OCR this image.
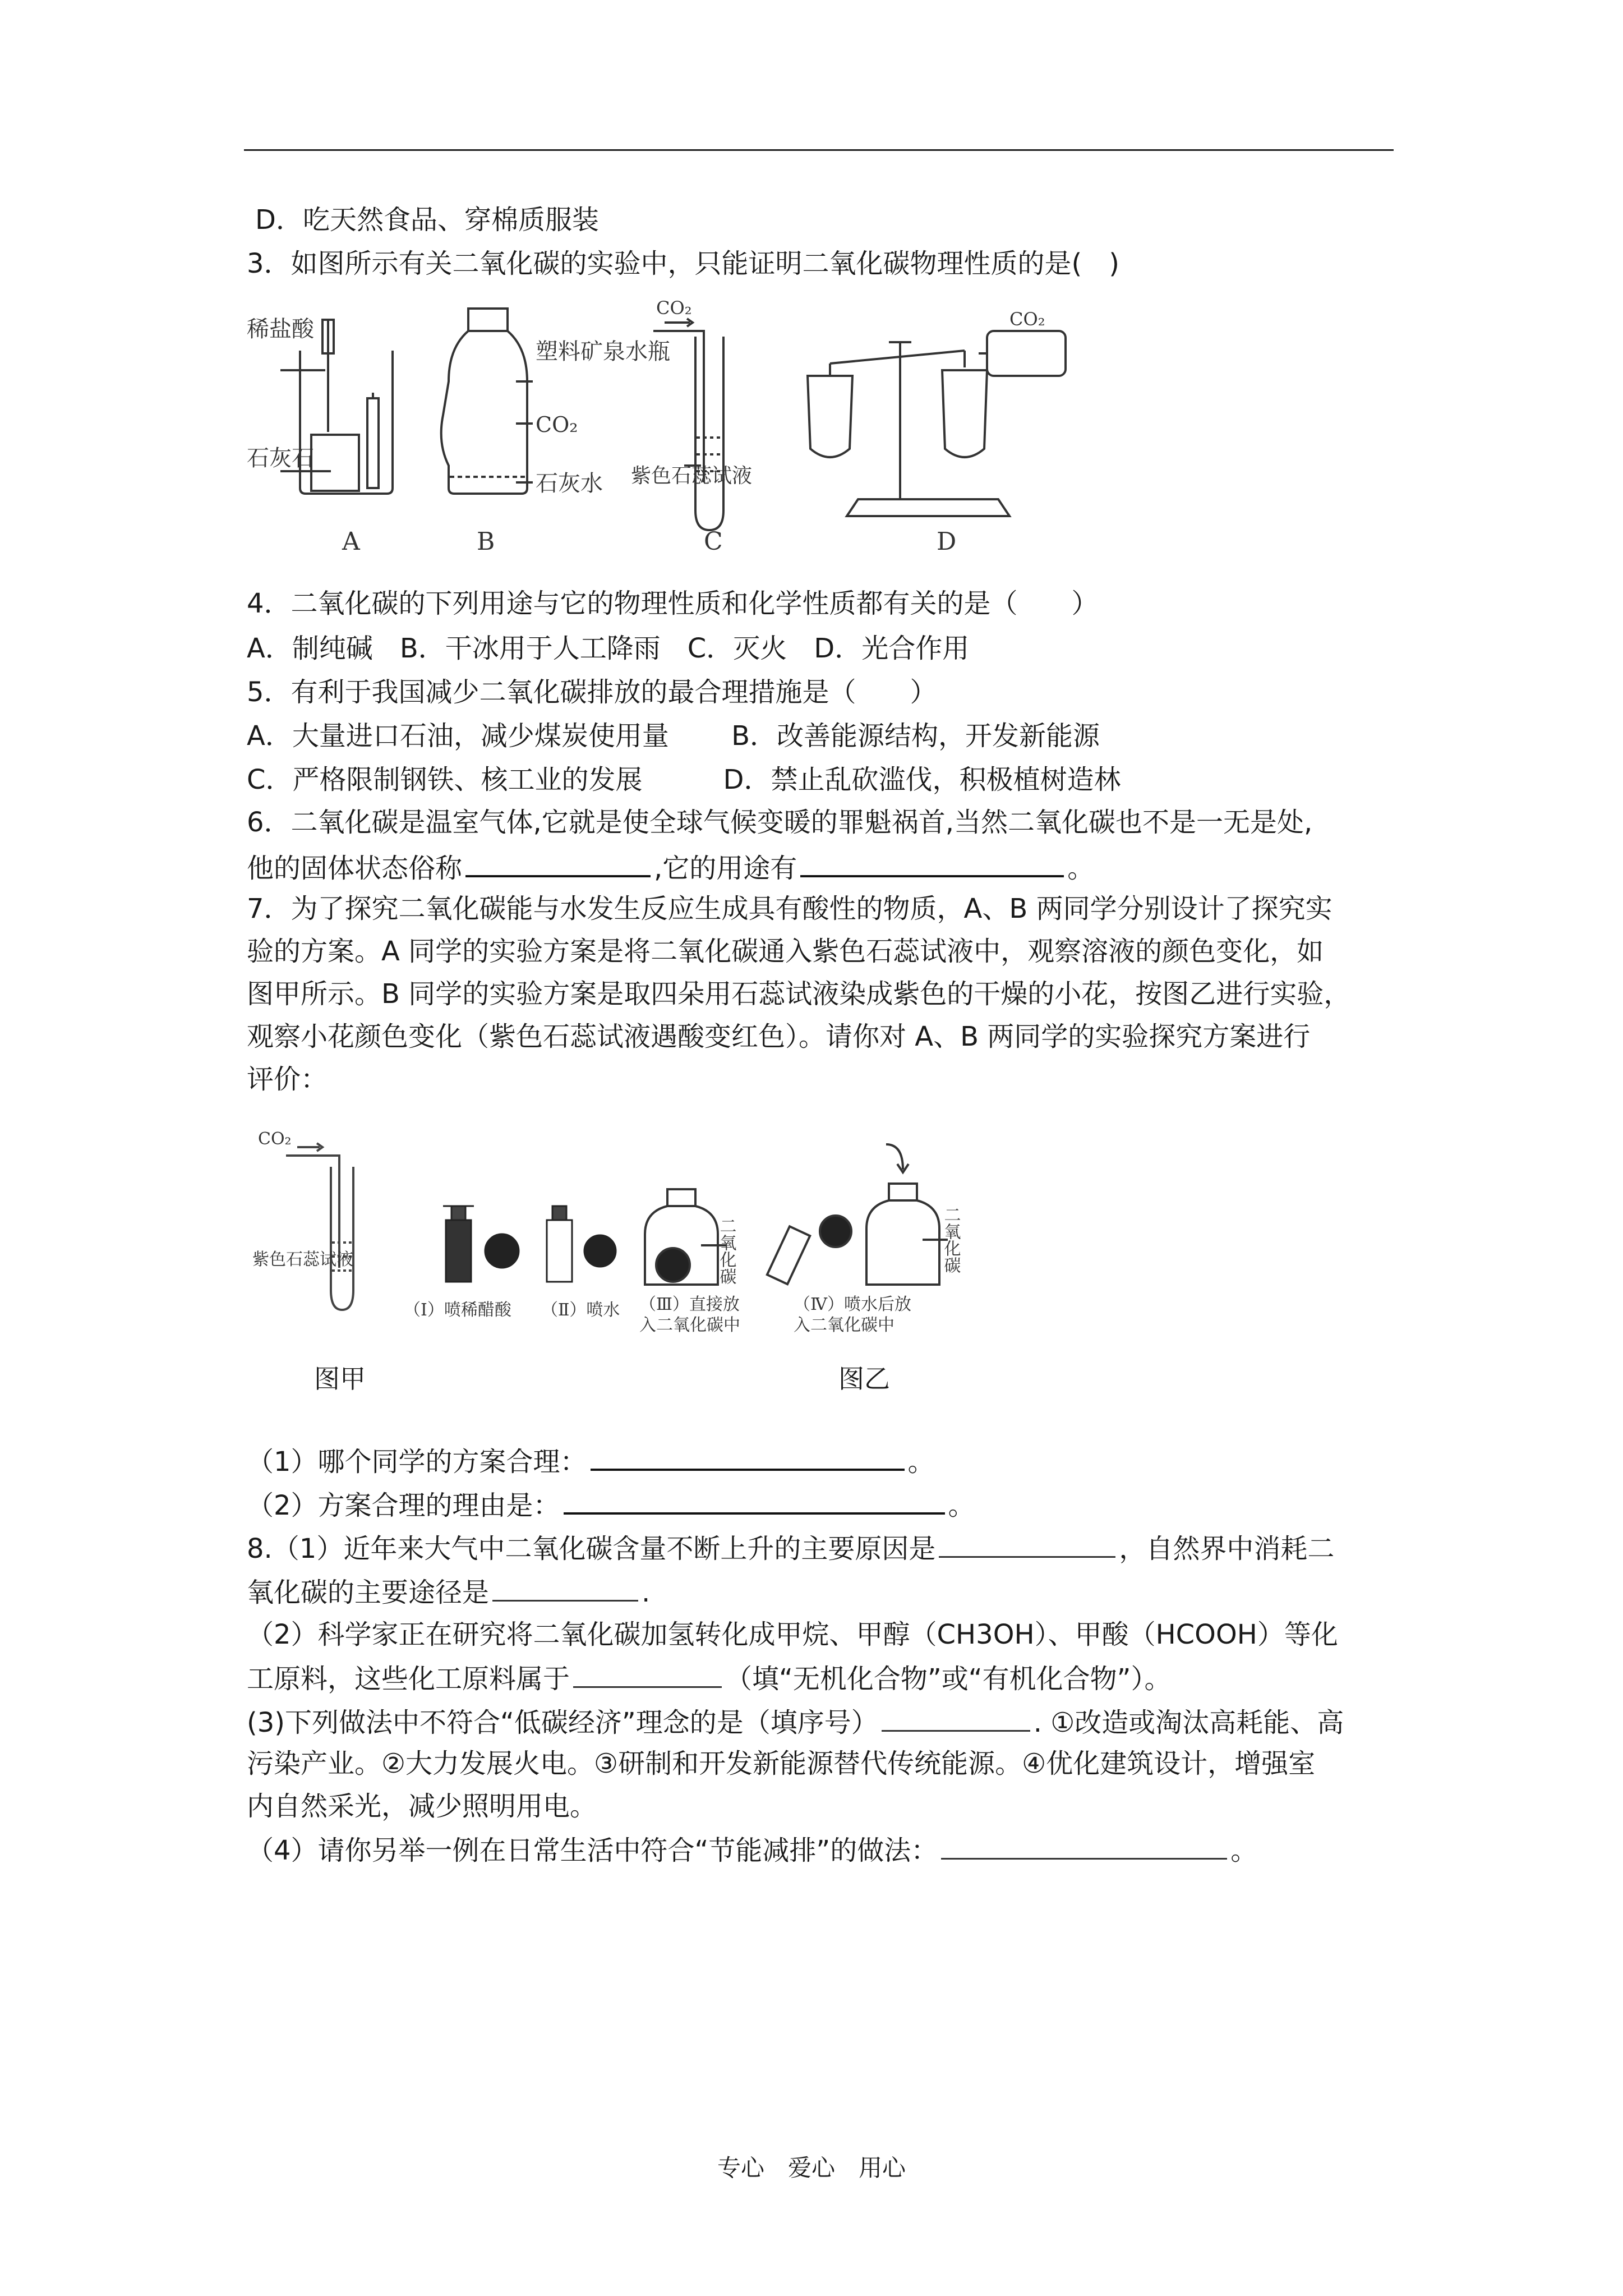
D．吃天然食品、穿棉质服装
3．如图所示有关二氧化碳的实验中，只能证明二氧化碳物理性质的是(　)
稀盐酸
石灰石
A
塑料矿泉水瓶
CO₂
石灰水
B
CO₂
紫色石蕊试液
C
CO₂
D
4．二氧化碳的下列用途与它的物理性质和化学性质都有关的是（　　）
A．制纯碱　B．干冰用于人工降雨　C．灭火　D．光合作用
5．有利于我国减少二氧化碳排放的最合理措施是（　　）
A．大量进口石油，减少煤炭使用量　　 B．改善能源结构，开发新能源
C．严格限制钢铁、核工业的发展　　　D．禁止乱砍滥伐，积极植树造林
6．二氧化碳是温室气体,它就是使全球气候变暖的罪魁祸首,当然二氧化碳也不是一无是处,
他的固体状态俗称	,它的用途有	。
7．为了探究二氧化碳能与水发生反应生成具有酸性的物质，A、B 两同学分别设计了探究实
验的方案。A 同学的实验方案是将二氧化碳通入紫色石蕊试液中，观察溶液的颜色变化，如
图甲所示。B 同学的实验方案是取四朵用石蕊试液染成紫色的干燥的小花，按图乙进行实验，
观察小花颜色变化（紫色石蕊试液遇酸变红色）。请你对 A、B 两同学的实验探究方案进行
评价：
CO₂
紫色石蕊试液
（Ⅰ）喷稀醋酸 （Ⅱ）喷水
二氧化碳
（Ⅲ）直接放
入二氧化碳中
二氧化碳
（Ⅳ）喷水后放
入二氧化碳中
图甲	图乙
（1）哪个同学的方案合理：	。
（2）方案合理的理由是：	。
8.（1）近年来大气中二氧化碳含量不断上升的主要原因是	，自然界中消耗二
氧化碳的主要途径是	.
（2）科学家正在研究将二氧化碳加氢转化成甲烷、甲醇（CH3OH）、甲酸（HCOOH）等化
工原料，这些化工原料属于	（填“无机化合物”或“有机化合物”）。
(3)下列做法中不符合“低碳经济”理念的是（填序号）	. ①改造或淘汰高耗能、高
污染产业。②大力发展火电。③研制和开发新能源替代传统能源。④优化建筑设计，增强室
内自然采光，减少照明用电。
（4）请你另举一例在日常生活中符合“节能减排”的做法：	。
专心　爱心　用心
